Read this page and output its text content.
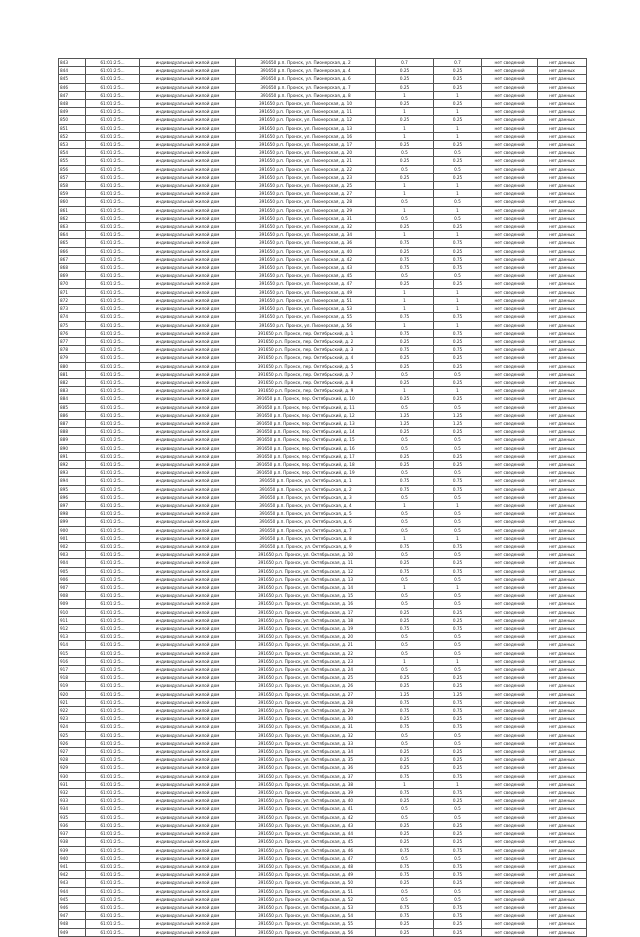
843	61:01:2:5...	индивидуальный жилой дом	391650 р.п. Пронск, ул. Пионерская, д. 2	0.7	0.7	нет сведений	нет данных
844	61:01:2:5...	индивидуальный жилой дом	391650 р.п. Пронск, ул. Пионерская, д. 4	0.25	0.25	нет сведений	нет данных
845	61:01:2:5...	индивидуальный жилой дом	391650 р.п. Пронск, ул. Пионерская, д. 6	0.25	0.25	нет сведений	нет данных
846	61:01:2:5...	индивидуальный жилой дом	391650 р.п. Пронск, ул. Пионерская, д. 7	0.25	0.25	нет сведений	нет данных
847	61:01:2:5...	индивидуальный жилой дом	391650 р.п. Пронск, ул. Пионерская, д. 8	1	1	нет сведений	нет данных
848	61:01:2:5...	индивидуальный жилой дом	391650 р.п. Пронск, ул. Пионерская, д. 10	0.25	0.25	нет сведений	нет данных
849	61:01:2:5...	индивидуальный жилой дом	391650 р.п. Пронск, ул. Пионерская, д. 11	1	1	нет сведений	нет данных
850	61:01:2:5...	индивидуальный жилой дом	391650 р.п. Пронск, ул. Пионерская, д. 12	0.25	0.25	нет сведений	нет данных
851	61:01:2:5...	индивидуальный жилой дом	391650 р.п. Пронск, ул. Пионерская, д. 13	1	1	нет сведений	нет данных
852	61:01:2:5...	индивидуальный жилой дом	391650 р.п. Пронск, ул. Пионерская, д. 16	1	1	нет сведений	нет данных
853	61:01:2:5...	индивидуальный жилой дом	391650 р.п. Пронск, ул. Пионерская, д. 17	0.25	0.25	нет сведений	нет данных
854	61:01:2:5...	индивидуальный жилой дом	391650 р.п. Пронск, ул. Пионерская, д. 20	0.5	0.5	нет сведений	нет данных
855	61:01:2:5...	индивидуальный жилой дом	391650 р.п. Пронск, ул. Пионерская, д. 21	0.25	0.25	нет сведений	нет данных
856	61:01:2:5...	индивидуальный жилой дом	391650 р.п. Пронск, ул. Пионерская, д. 22	0.5	0.5	нет сведений	нет данных
857	61:01:2:5...	индивидуальный жилой дом	391650 р.п. Пронск, ул. Пионерская, д. 23	0.25	0.25	нет сведений	нет данных
858	61:01:2:5...	индивидуальный жилой дом	391650 р.п. Пронск, ул. Пионерская, д. 25	1	1	нет сведений	нет данных
859	61:01:2:5...	индивидуальный жилой дом	391650 р.п. Пронск, ул. Пионерская, д. 27	1	1	нет сведений	нет данных
860	61:01:2:5...	индивидуальный жилой дом	391650 р.п. Пронск, ул. Пионерская, д. 28	0.5	0.5	нет сведений	нет данных
861	61:01:2:5...	индивидуальный жилой дом	391650 р.п. Пронск, ул. Пионерская, д. 29	1	1	нет сведений	нет данных
862	61:01:2:5...	индивидуальный жилой дом	391650 р.п. Пронск, ул. Пионерская, д. 31	0.5	0.5	нет сведений	нет данных
863	61:01:2:5...	индивидуальный жилой дом	391650 р.п. Пронск, ул. Пионерская, д. 32	0.25	0.25	нет сведений	нет данных
864	61:01:2:5...	индивидуальный жилой дом	391650 р.п. Пронск, ул. Пионерская, д. 34	1	1	нет сведений	нет данных
865	61:01:2:5...	индивидуальный жилой дом	391650 р.п. Пронск, ул. Пионерская, д. 36	0.75	0.75	нет сведений	нет данных
866	61:01:2:5...	индивидуальный жилой дом	391650 р.п. Пронск, ул. Пионерская, д. 40	0.25	0.25	нет сведений	нет данных
867	61:01:2:5...	индивидуальный жилой дом	391650 р.п. Пронск, ул. Пионерская, д. 42	0.75	0.75	нет сведений	нет данных
868	61:01:2:5...	индивидуальный жилой дом	391650 р.п. Пронск, ул. Пионерская, д. 43	0.75	0.75	нет сведений	нет данных
869	61:01:2:5...	индивидуальный жилой дом	391650 р.п. Пронск, ул. Пионерская, д. 45	0.5	0.5	нет сведений	нет данных
870	61:01:2:5...	индивидуальный жилой дом	391650 р.п. Пронск, ул. Пионерская, д. 47	0.25	0.25	нет сведений	нет данных
871	61:01:2:5...	индивидуальный жилой дом	391650 р.п. Пронск, ул. Пионерская, д. 49	1	1	нет сведений	нет данных
872	61:01:2:5...	индивидуальный жилой дом	391650 р.п. Пронск, ул. Пионерская, д. 51	1	1	нет сведений	нет данных
873	61:01:2:5...	индивидуальный жилой дом	391650 р.п. Пронск, ул. Пионерская, д. 53	1	1	нет сведений	нет данных
874	61:01:2:5...	индивидуальный жилой дом	391650 р.п. Пронск, ул. Пионерская, д. 55	0.75	0.75	нет сведений	нет данных
875	61:01:2:5...	индивидуальный жилой дом	391650 р.п. Пронск, ул. Пионерская, д. 56	1	1	нет сведений	нет данных
876	61:01:2:5...	индивидуальный жилой дом	391650 р.п. Пронск, пер. Октябрьский, д. 1	0.75	0.75	нет сведений	нет данных
877	61:01:2:5...	индивидуальный жилой дом	391650 р.п. Пронск, пер. Октябрьский, д. 2	0.25	0.25	нет сведений	нет данных
878	61:01:2:5...	индивидуальный жилой дом	391650 р.п. Пронск, пер. Октябрьский, д. 3	0.75	0.75	нет сведений	нет данных
879	61:01:2:5...	индивидуальный жилой дом	391650 р.п. Пронск, пер. Октябрьский, д. 4	0.25	0.25	нет сведений	нет данных
880	61:01:2:5...	индивидуальный жилой дом	391650 р.п. Пронск, пер. Октябрьский, д. 5	0.25	0.25	нет сведений	нет данных
881	61:01:2:5...	индивидуальный жилой дом	391650 р.п. Пронск, пер. Октябрьский, д. 7	0.5	0.5	нет сведений	нет данных
882	61:01:2:5...	индивидуальный жилой дом	391650 р.п. Пронск, пер. Октябрьский, д. 8	0.25	0.25	нет сведений	нет данных
883	61:01:2:5...	индивидуальный жилой дом	391650 р.п. Пронск, пер. Октябрьский, д. 9	1	1	нет сведений	нет данных
884	61:01:2:5...	индивидуальный жилой дом	391650 р.п. Пронск, пер. Октябрьский, д. 10	0.25	0.25	нет сведений	нет данных
885	61:01:2:5...	индивидуальный жилой дом	391650 р.п. Пронск, пер. Октябрьский, д. 11	0.5	0.5	нет сведений	нет данных
886	61:01:2:5...	индивидуальный жилой дом	391650 р.п. Пронск, пер. Октябрьский, д. 12	1.25	1.25	нет сведений	нет данных
887	61:01:2:5...	индивидуальный жилой дом	391650 р.п. Пронск, пер. Октябрьский, д. 13	1.25	1.25	нет сведений	нет данных
888	61:01:2:5...	индивидуальный жилой дом	391650 р.п. Пронск, пер. Октябрьский, д. 14	0.25	0.25	нет сведений	нет данных
889	61:01:2:5...	индивидуальный жилой дом	391650 р.п. Пронск, пер. Октябрьский, д. 15	0.5	0.5	нет сведений	нет данных
890	61:01:2:5...	индивидуальный жилой дом	391650 р.п. Пронск, пер. Октябрьский, д. 16	0.5	0.5	нет сведений	нет данных
891	61:01:2:5...	индивидуальный жилой дом	391650 р.п. Пронск, пер. Октябрьский, д. 17	0.25	0.25	нет сведений	нет данных
892	61:01:2:5...	индивидуальный жилой дом	391650 р.п. Пронск, пер. Октябрьский, д. 18	0.25	0.25	нет сведений	нет данных
893	61:01:2:5...	индивидуальный жилой дом	391650 р.п. Пронск, пер. Октябрьский, д. 19	0.5	0.5	нет сведений	нет данных
894	61:01:2:5...	индивидуальный жилой дом	391650 р.п. Пронск, ул. Октябрьская, д. 1	0.75	0.75	нет сведений	нет данных
895	61:01:2:5...	индивидуальный жилой дом	391650 р.п. Пронск, ул. Октябрьская, д. 2	0.75	0.75	нет сведений	нет данных
896	61:01:2:5...	индивидуальный жилой дом	391650 р.п. Пронск, ул. Октябрьская, д. 3	0.5	0.5	нет сведений	нет данных
897	61:01:2:5...	индивидуальный жилой дом	391650 р.п. Пронск, ул. Октябрьская, д. 4	1	1	нет сведений	нет данных
898	61:01:2:5...	индивидуальный жилой дом	391650 р.п. Пронск, ул. Октябрьская, д. 5	0.5	0.5	нет сведений	нет данных
899	61:01:2:5...	индивидуальный жилой дом	391650 р.п. Пронск, ул. Октябрьская, д. 6	0.5	0.5	нет сведений	нет данных
900	61:01:2:5...	индивидуальный жилой дом	391650 р.п. Пронск, ул. Октябрьская, д. 7	0.5	0.5	нет сведений	нет данных
901	61:01:2:5...	индивидуальный жилой дом	391650 р.п. Пронск, ул. Октябрьская, д. 8	1	1	нет сведений	нет данных
902	61:01:2:5...	индивидуальный жилой дом	391650 р.п. Пронск, ул. Октябрьская, д. 9	0.75	0.75	нет сведений	нет данных
903	61:01:2:5...	индивидуальный жилой дом	391650 р.п. Пронск, ул. Октябрьская, д. 10	0.5	0.5	нет сведений	нет данных
904	61:01:2:5...	индивидуальный жилой дом	391650 р.п. Пронск, ул. Октябрьская, д. 11	0.25	0.25	нет сведений	нет данных
905	61:01:2:5...	индивидуальный жилой дом	391650 р.п. Пронск, ул. Октябрьская, д. 12	0.75	0.75	нет сведений	нет данных
906	61:01:2:5...	индивидуальный жилой дом	391650 р.п. Пронск, ул. Октябрьская, д. 13	0.5	0.5	нет сведений	нет данных
907	61:01:2:5...	индивидуальный жилой дом	391650 р.п. Пронск, ул. Октябрьская, д. 14	1	1	нет сведений	нет данных
908	61:01:2:5...	индивидуальный жилой дом	391650 р.п. Пронск, ул. Октябрьская, д. 15	0.5	0.5	нет сведений	нет данных
909	61:01:2:5...	индивидуальный жилой дом	391650 р.п. Пронск, ул. Октябрьская, д. 16	0.5	0.5	нет сведений	нет данных
910	61:01:2:5...	индивидуальный жилой дом	391650 р.п. Пронск, ул. Октябрьская, д. 17	0.25	0.25	нет сведений	нет данных
911	61:01:2:5...	индивидуальный жилой дом	391650 р.п. Пронск, ул. Октябрьская, д. 18	0.25	0.25	нет сведений	нет данных
912	61:01:2:5...	индивидуальный жилой дом	391650 р.п. Пронск, ул. Октябрьская, д. 19	0.75	0.75	нет сведений	нет данных
913	61:01:2:5...	индивидуальный жилой дом	391650 р.п. Пронск, ул. Октябрьская, д. 20	0.5	0.5	нет сведений	нет данных
914	61:01:2:5...	индивидуальный жилой дом	391650 р.п. Пронск, ул. Октябрьская, д. 21	0.5	0.5	нет сведений	нет данных
915	61:01:2:5...	индивидуальный жилой дом	391650 р.п. Пронск, ул. Октябрьская, д. 22	0.5	0.5	нет сведений	нет данных
916	61:01:2:5...	индивидуальный жилой дом	391650 р.п. Пронск, ул. Октябрьская, д. 23	1	1	нет сведений	нет данных
917	61:01:2:5...	индивидуальный жилой дом	391650 р.п. Пронск, ул. Октябрьская, д. 24	0.5	0.5	нет сведений	нет данных
918	61:01:2:5...	индивидуальный жилой дом	391650 р.п. Пронск, ул. Октябрьская, д. 25	0.25	0.25	нет сведений	нет данных
919	61:01:2:5...	индивидуальный жилой дом	391650 р.п. Пронск, ул. Октябрьская, д. 26	0.25	0.25	нет сведений	нет данных
920	61:01:2:5...	индивидуальный жилой дом	391650 р.п. Пронск, ул. Октябрьская, д. 27	1.25	1.25	нет сведений	нет данных
921	61:01:2:5...	индивидуальный жилой дом	391650 р.п. Пронск, ул. Октябрьская, д. 28	0.75	0.75	нет сведений	нет данных
922	61:01:2:5...	индивидуальный жилой дом	391650 р.п. Пронск, ул. Октябрьская, д. 29	0.75	0.75	нет сведений	нет данных
923	61:01:2:5...	индивидуальный жилой дом	391650 р.п. Пронск, ул. Октябрьская, д. 30	0.25	0.25	нет сведений	нет данных
924	61:01:2:5...	индивидуальный жилой дом	391650 р.п. Пронск, ул. Октябрьская, д. 31	0.75	0.75	нет сведений	нет данных
925	61:01:2:5...	индивидуальный жилой дом	391650 р.п. Пронск, ул. Октябрьская, д. 32	0.5	0.5	нет сведений	нет данных
926	61:01:2:5...	индивидуальный жилой дом	391650 р.п. Пронск, ул. Октябрьская, д. 33	0.5	0.5	нет сведений	нет данных
927	61:01:2:5...	индивидуальный жилой дом	391650 р.п. Пронск, ул. Октябрьская, д. 34	0.25	0.25	нет сведений	нет данных
928	61:01:2:5...	индивидуальный жилой дом	391650 р.п. Пронск, ул. Октябрьская, д. 35	0.25	0.25	нет сведений	нет данных
929	61:01:2:5...	индивидуальный жилой дом	391650 р.п. Пронск, ул. Октябрьская, д. 36	0.25	0.25	нет сведений	нет данных
930	61:01:2:5...	индивидуальный жилой дом	391650 р.п. Пронск, ул. Октябрьская, д. 37	0.75	0.75	нет сведений	нет данных
931	61:01:2:5...	индивидуальный жилой дом	391650 р.п. Пронск, ул. Октябрьская, д. 38	1	1	нет сведений	нет данных
932	61:01:2:5...	индивидуальный жилой дом	391650 р.п. Пронск, ул. Октябрьская, д. 39	0.75	0.75	нет сведений	нет данных
933	61:01:2:5...	индивидуальный жилой дом	391650 р.п. Пронск, ул. Октябрьская, д. 40	0.25	0.25	нет сведений	нет данных
934	61:01:2:5...	индивидуальный жилой дом	391650 р.п. Пронск, ул. Октябрьская, д. 41	0.5	0.5	нет сведений	нет данных
935	61:01:2:5...	индивидуальный жилой дом	391650 р.п. Пронск, ул. Октябрьская, д. 42	0.5	0.5	нет сведений	нет данных
936	61:01:2:5...	индивидуальный жилой дом	391650 р.п. Пронск, ул. Октябрьская, д. 43	0.25	0.25	нет сведений	нет данных
937	61:01:2:5...	индивидуальный жилой дом	391650 р.п. Пронск, ул. Октябрьская, д. 44	0.25	0.25	нет сведений	нет данных
938	61:01:2:5...	индивидуальный жилой дом	391650 р.п. Пронск, ул. Октябрьская, д. 45	0.25	0.25	нет сведений	нет данных
939	61:01:2:5...	индивидуальный жилой дом	391650 р.п. Пронск, ул. Октябрьская, д. 46	0.75	0.75	нет сведений	нет данных
940	61:01:2:5...	индивидуальный жилой дом	391650 р.п. Пронск, ул. Октябрьская, д. 47	0.5	0.5	нет сведений	нет данных
941	61:01:2:5...	индивидуальный жилой дом	391650 р.п. Пронск, ул. Октябрьская, д. 48	0.75	0.75	нет сведений	нет данных
942	61:01:2:5...	индивидуальный жилой дом	391650 р.п. Пронск, ул. Октябрьская, д. 49	0.75	0.75	нет сведений	нет данных
943	61:01:2:5...	индивидуальный жилой дом	391650 р.п. Пронск, ул. Октябрьская, д. 50	0.25	0.25	нет сведений	нет данных
944	61:01:2:5...	индивидуальный жилой дом	391650 р.п. Пронск, ул. Октябрьская, д. 51	0.5	0.5	нет сведений	нет данных
945	61:01:2:5...	индивидуальный жилой дом	391650 р.п. Пронск, ул. Октябрьская, д. 52	0.5	0.5	нет сведений	нет данных
946	61:01:2:5...	индивидуальный жилой дом	391650 р.п. Пронск, ул. Октябрьская, д. 53	0.75	0.75	нет сведений	нет данных
947	61:01:2:5...	индивидуальный жилой дом	391650 р.п. Пронск, ул. Октябрьская, д. 54	0.75	0.75	нет сведений	нет данных
948	61:01:2:5...	индивидуальный жилой дом	391650 р.п. Пронск, ул. Октябрьская, д. 55	0.25	0.25	нет сведений	нет данных
949	61:01:2:5...	индивидуальный жилой дом	391650 р.п. Пронск, ул. Октябрьская, д. 56	0.25	0.25	нет сведений	нет данных
